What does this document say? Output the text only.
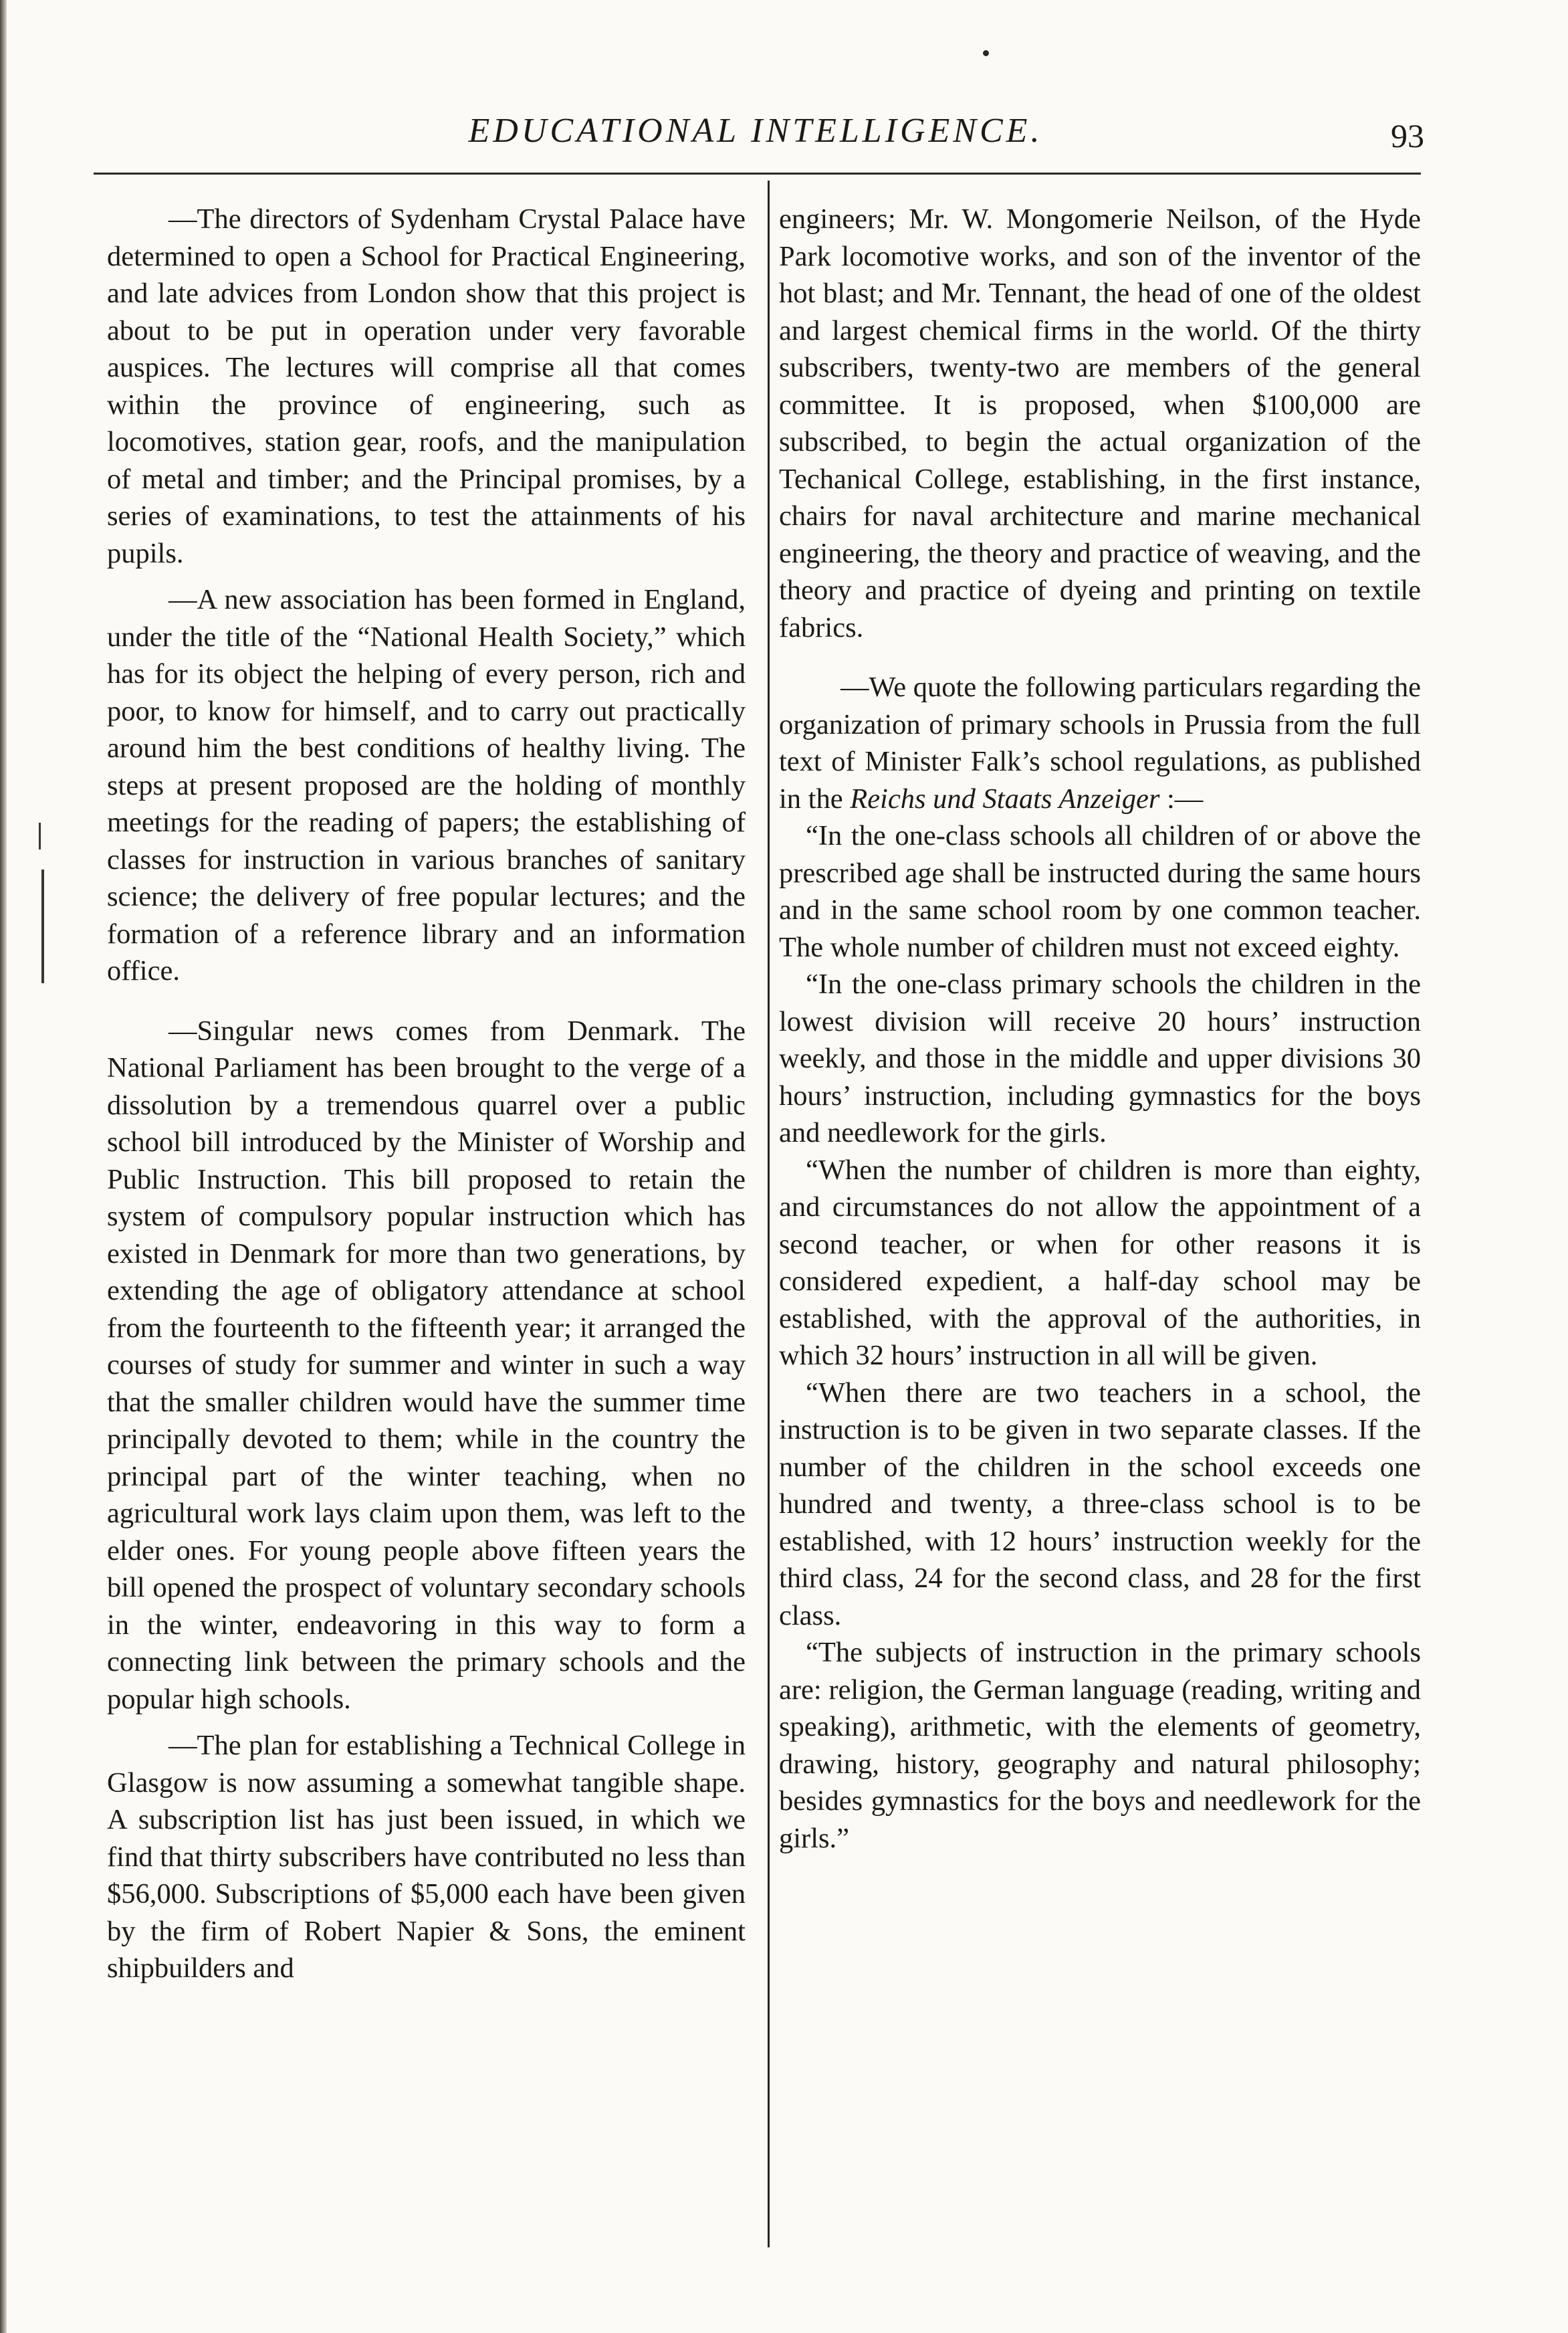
EDUCATIONAL INTELLIGENCE.	93

—The directors of Sydenham Crystal Palace have determined to open a School for Practical Engineering, and late advices from London show that this project is about to be put in operation under very favorable auspices. The lectures will comprise all that comes within the province of engineering, such as locomotives, station gear, roofs, and the manipulation of metal and timber; and the Principal promises, by a series of examinations, to test the attainments of his pupils.

—A new association has been formed in England, under the title of the “National Health Society,” which has for its object the helping of every person, rich and poor, to know for himself, and to carry out practically around him the best conditions of healthy living. The steps at present proposed are the holding of monthly meetings for the reading of papers; the establishing of classes for instruction in various branches of sanitary science; the delivery of free popular lectures; and the formation of a reference library and an information office.

—Singular news comes from Denmark. The National Parliament has been brought to the verge of a dissolution by a tremendous quarrel over a public school bill introduced by the Minister of Worship and Public Instruction. This bill proposed to retain the system of compulsory popular instruction which has existed in Denmark for more than two generations, by extending the age of obligatory attendance at school from the fourteenth to the fifteenth year; it arranged the courses of study for summer and winter in such a way that the smaller children would have the summer time principally devoted to them; while in the country the principal part of the winter teaching, when no agricultural work lays claim upon them, was left to the elder ones. For young people above fifteen years the bill opened the prospect of voluntary secondary schools in the winter, endeavoring in this way to form a connecting link between the primary schools and the popular high schools.

—The plan for establishing a Technical College in Glasgow is now assuming a somewhat tangible shape. A subscription list has just been issued, in which we find that thirty subscribers have contributed no less than $56,000. Subscriptions of $5,000 each have been given by the firm of Robert Napier & Sons, the eminent shipbuilders and

engineers; Mr. W. Mongomerie Neilson, of the Hyde Park locomotive works, and son of the inventor of the hot blast; and Mr. Tennant, the head of one of the oldest and largest chemical firms in the world. Of the thirty subscribers, twenty-two are members of the general committee. It is proposed, when $100,000 are subscribed, to begin the actual organization of the Techanical College, establishing, in the first instance, chairs for naval architecture and marine mechanical engineering, the theory and practice of weaving, and the theory and practice of dyeing and printing on textile fabrics.

—We quote the following particulars regarding the organization of primary schools in Prussia from the full text of Minister Falk’s school regulations, as published in the Reichs und Staats Anzeiger :—

“In the one-class schools all children of or above the prescribed age shall be instructed during the same hours and in the same school room by one common teacher. The whole number of children must not exceed eighty.

“In the one-class primary schools the children in the lowest division will receive 20 hours’ instruction weekly, and those in the middle and upper divisions 30 hours’ instruction, including gymnastics for the boys and needlework for the girls.

“When the number of children is more than eighty, and circumstances do not allow the appointment of a second teacher, or when for other reasons it is considered expedient, a half-day school may be established, with the approval of the authorities, in which 32 hours’ instruction in all will be given.

“When there are two teachers in a school, the instruction is to be given in two separate classes. If the number of the children in the school exceeds one hundred and twenty, a three-class school is to be established, with 12 hours’ instruction weekly for the third class, 24 for the second class, and 28 for the first class.

“The subjects of instruction in the primary schools are: religion, the German language (reading, writing and speaking), arithmetic, with the elements of geometry, drawing, history, geography and natural philosophy; besides gymnastics for the boys and needlework for the girls.”
